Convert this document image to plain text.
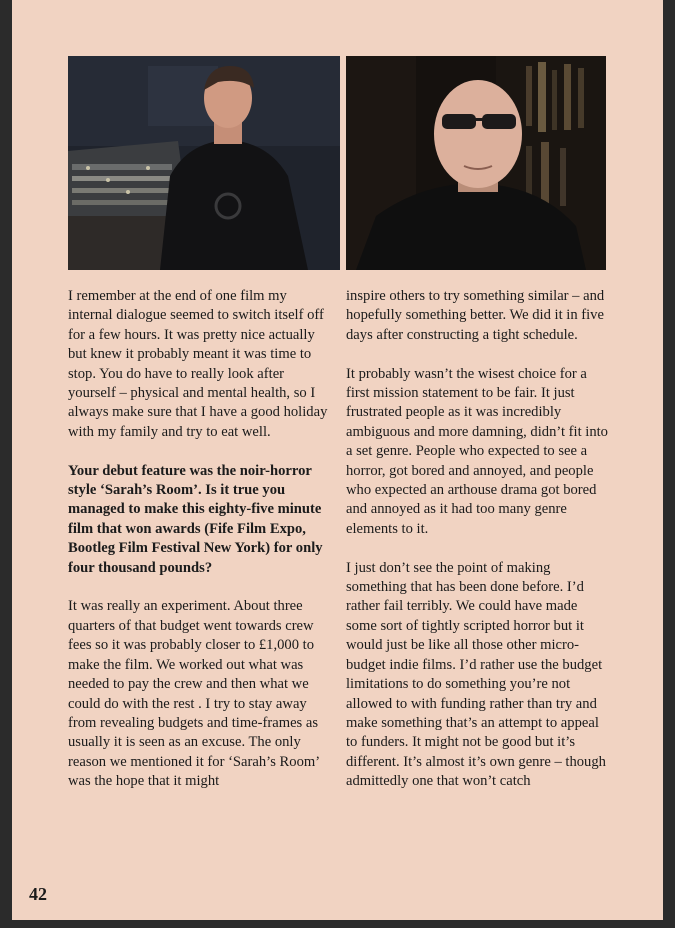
I remember at the end of one film my internal dialogue seemed to switch itself off for a few hours. It was pretty nice actually but knew it probably meant it was time to stop. You do have to really look after yourself – physical and mental health, so I always make sure that I have a good holiday with my family and try to eat well.

Your debut feature was the noir-horror style ‘Sarah’s Room’. Is it true you managed to make this eighty-five minute film that won awards (Fife Film Expo, Bootleg Film Festival New York) for only four thousand pounds?

It was really an experiment. About three quarters of that budget went towards crew fees so it was probably closer to £1,000 to make the film. We worked out what was needed to pay the crew and then what we could do with the rest . I try to stay away from revealing budgets and time-frames as usually it is seen as an excuse. The only reason we mentioned it for ‘Sarah’s Room’ was the hope that it might

inspire others to try something similar – and hopefully something better. We did it in five days after constructing a tight schedule.

It probably wasn’t the wisest choice for a first mission statement to be fair. It just frustrated people as it was incredibly ambiguous and more damning, didn’t fit into a set genre. People who expected to see a horror, got bored and annoyed, and people who expected an arthouse drama got bored and annoyed as it had too many genre elements to it.

I just don’t see the point of making something that has been done before. I’d rather fail terribly. We could have made some sort of tightly scripted horror but it would just be like all those other micro-budget indie films. I’d rather use the budget limitations to do something you’re not allowed to with funding rather than try and make something that’s an attempt to appeal to funders. It might not be good but it’s different. It’s almost it’s own genre – though admittedly one that won’t catch

42
